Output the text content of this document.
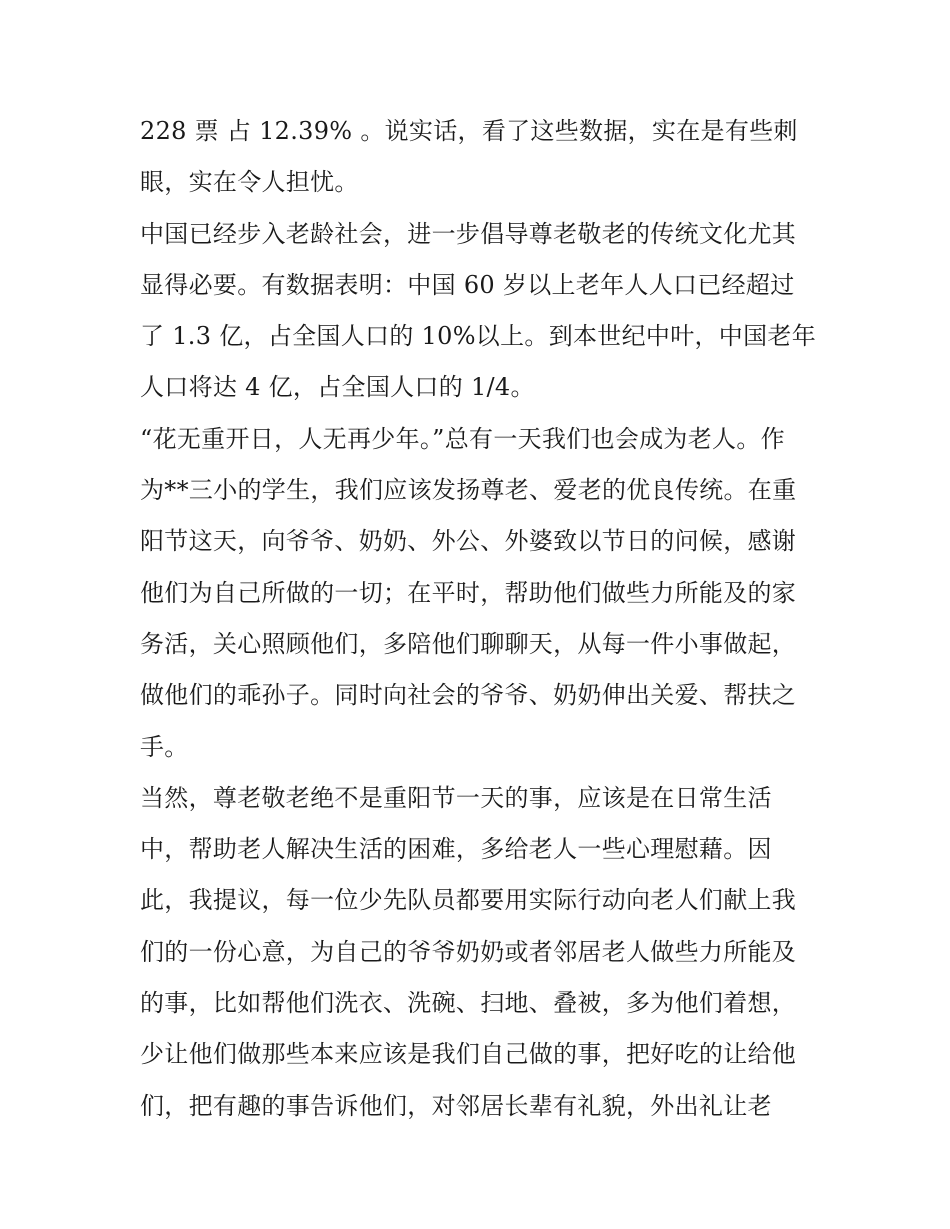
228 票 占 12.39% 。说实话，看了这些数据，实在是有些刺
眼，实在令人担忧。
中国已经步入老龄社会，进一步倡导尊老敬老的传统文化尤其
显得必要。有数据表明：中国 60 岁以上老年人人口已经超过
了 1.3 亿，占全国人口的 10%以上。到本世纪中叶，中国老年
人口将达 4 亿，占全国人口的 1/4。
“花无重开日，人无再少年。”总有一天我们也会成为老人。作
为**三小的学生，我们应该发扬尊老、爱老的优良传统。在重
阳节这天，向爷爷、奶奶、外公、外婆致以节日的问候，感谢
他们为自己所做的一切；在平时，帮助他们做些力所能及的家
务活，关心照顾他们，多陪他们聊聊天，从每一件小事做起，
做他们的乖孙子。同时向社会的爷爷、奶奶伸出关爱、帮扶之
手。
当然，尊老敬老绝不是重阳节一天的事，应该是在日常生活
中，帮助老人解决生活的困难，多给老人一些心理慰藉。因
此，我提议，每一位少先队员都要用实际行动向老人们献上我
们的一份心意，为自己的爷爷奶奶或者邻居老人做些力所能及
的事，比如帮他们洗衣、洗碗、扫地、叠被，多为他们着想，
少让他们做那些本来应该是我们自己做的事，把好吃的让给他
们，把有趣的事告诉他们，对邻居长辈有礼貌，外出礼让老
